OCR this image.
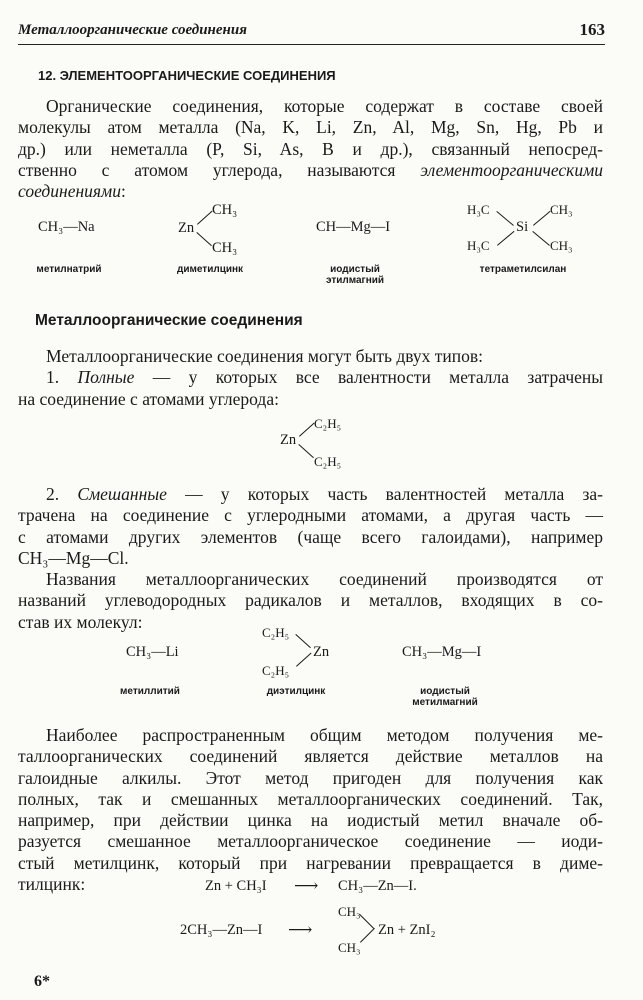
Металлоорганические соединения	163
12. ЭЛЕМЕНТООРГАНИЧЕСКИЕ СОЕДИНЕНИЯ
Органические соединения, которые содержат в составе своей
молекулы атом металла (Na, K, Li, Zn, Al, Mg, Sn, Hg, Pb и
др.) или неметалла (P, Si, As, B и др.), связанный непосред-
ственно с атомом углерода, называются элементоорганическими
соединениями:
CH₃—Na	Zn
CH₃
CH₃
CH—Mg—I
H₃C	CH₃
Si
H₃C	CH₃
метилнатрий	диметилцинк	иодистый
этилмагний
тетраметилсилан
Металлоорганические соединения
Металлоорганические соединения могут быть двух типов:
1. Полные — у которых все валентности металла затрачены
на соединение с атомами углерода:
Zn
C₂H₅
C₂H₅
2. Смешанные — у которых часть валентностей металла за-
трачена на соединение с углеродными атомами, а другая часть —
с атомами других элементов (чаще всего галоидами), например
CH₃—Mg—Cl.
Названия металлоорганических соединений производятся от
названий углеводородных радикалов и металлов, входящих в со-
став их молекул:
CH₃—Li
C₂H₅
C₂H₅
Zn	CH₃—Mg—I
метиллитий	диэтилцинк	иодистый
метилмагний
Наиболее распространенным общим методом получения ме-
таллоорганических соединений является действие металлов на
галоидные алкилы. Этот метод пригоден для получения как
полных, так и смешанных металлоорганических соединений. Так,
например, при действии цинка на иодистый метил вначале об-
разуется смешанное металлоорганическое соединение — иоди-
стый метилцинк, который при нагревании превращается в диме-
тилцинк:	Zn + CH₃I ⟶ CH₃—Zn—I.
2CH₃—Zn—I ⟶
CH₃
CH₃
Zn + ZnI₂
6*
